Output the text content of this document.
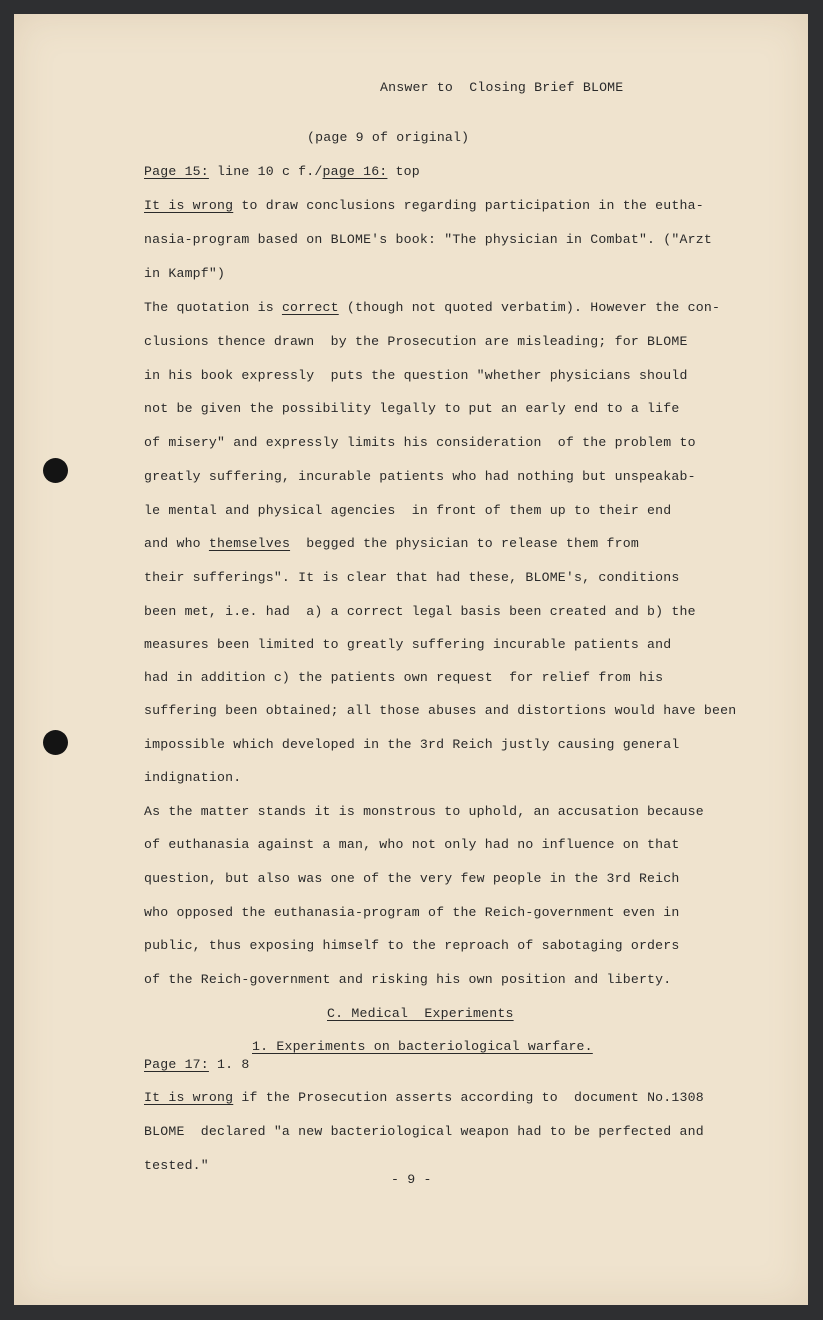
Answer to  Closing Brief BLOME
(page 9 of original)
Page 15: line 10 c f./page 16: top
It is wrong to draw conclusions regarding participation in the eutha-
nasia-program based on BLOME's book: "The physician in Combat". ("Arzt
in Kampf")
The quotation is correct (though not quoted verbatim). However the con-
clusions thence drawn  by the Prosecution are misleading; for BLOME
in his book expressly  puts the question "whether physicians should
not be given the possibility legally to put an early end to a life
of misery" and expressly limits his consideration  of the problem to
greatly suffering, incurable patients who had nothing but unspeakab-
le mental and physical agencies  in front of them up to their end
and who themselves  begged the physician to release them from
their sufferings". It is clear that had these, BLOME's, conditions
been met, i.e. had  a) a correct legal basis been created and b) the
measures been limited to greatly suffering incurable patients and
had in addition c) the patients own request  for relief from his
suffering been obtained; all those abuses and distortions would have been
impossible which developed in the 3rd Reich justly causing general
indignation.
As the matter stands it is monstrous to uphold, an accusation because
of euthanasia against a man, who not only had no influence on that
question, but also was one of the very few people in the 3rd Reich
who opposed the euthanasia-program of the Reich-government even in
public, thus exposing himself to the reproach of sabotaging orders
of the Reich-government and risking his own position and liberty.
C. Medical  Experiments
1. Experiments on bacteriological warfare.
Page 17: 1. 8
It is wrong if the Prosecution asserts according to  document No.1308
BLOME  declared "a new bacteriological weapon had to be perfected and
tested."
- 9 -
